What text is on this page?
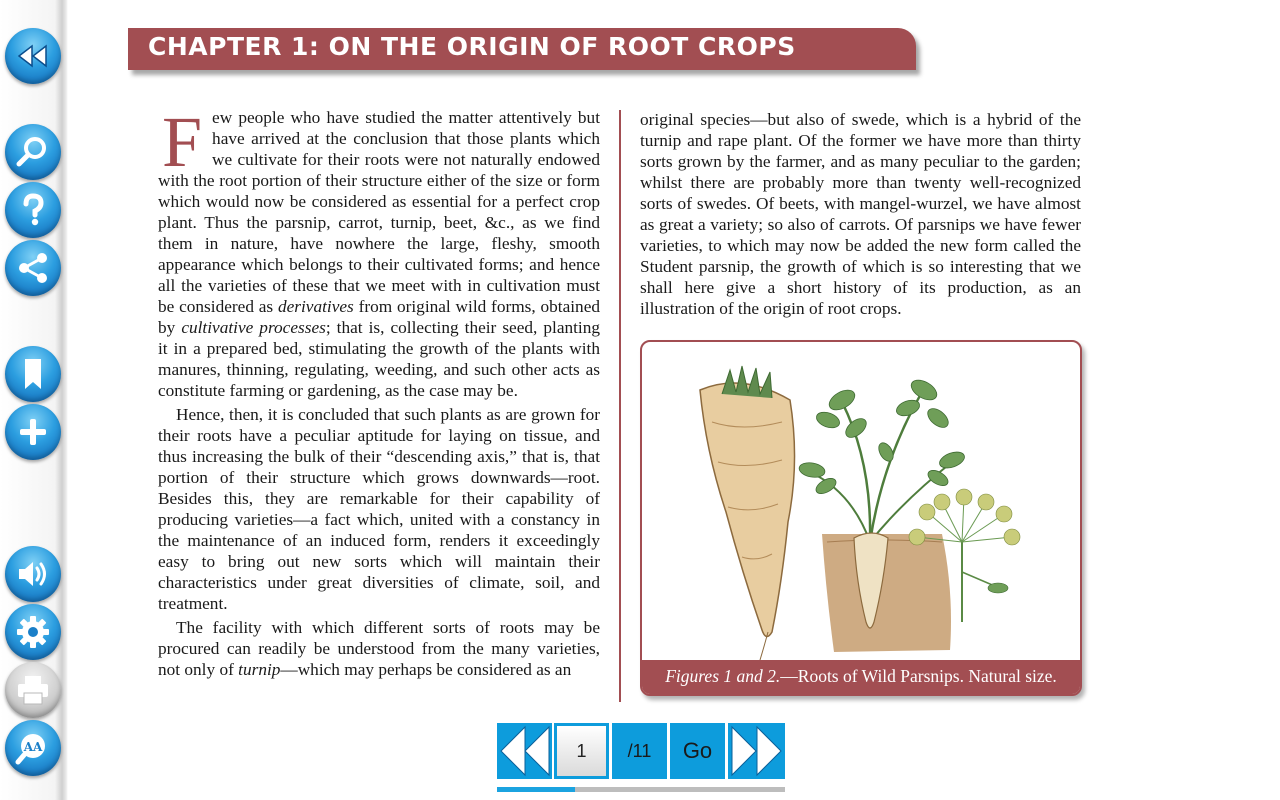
AA
CHAPTER 1: ON THE ORIGIN OF ROOT CROPS

Few people who have studied the matter attentively but have arrived at the conclusion that those plants which we cultivate for their roots were not naturally endowed with the root portion of their structure either of the size or form which would now be considered as essential for a perfect crop plant. Thus the parsnip, carrot, turnip, beet, &c., as we find them in nature, have nowhere the large, fleshy, smooth appearance which belongs to their cultivated forms; and hence all the varieties of these that we meet with in cultivation must be considered as derivatives from original wild forms, obtained by cultivative processes; that is, collecting their seed, planting it in a prepared bed, stimulating the growth of the plants with manures, thinning, regulating, weeding, and such other acts as constitute farming or gardening, as the case may be.

Hence, then, it is concluded that such plants as are grown for their roots have a peculiar aptitude for laying on tissue, and thus increasing the bulk of their “descending axis,” that is, that portion of their structure which grows downwards—root. Besides this, they are remarkable for their capability of producing varieties—a fact which, united with a constancy in the maintenance of an induced form, renders it exceedingly easy to bring out new sorts which will maintain their characteristics under great diversities of climate, soil, and treatment.

The facility with which different sorts of roots may be procured can readily be understood from the many varieties, not only of turnip—which may perhaps be considered as an

original species—but also of swede, which is a hybrid of the turnip and rape plant. Of the former we have more than thirty sorts grown by the farmer, and as many peculiar to the garden; whilst there are probably more than twenty well-recognized sorts of swedes. Of beets, with mangel-wurzel, we have almost as great a variety; so also of carrots. Of parsnips we have fewer varieties, to which may now be added the new form called the Student parsnip, the growth of which is so interesting that we shall here give a short history of its production, as an illustration of the origin of root crops.

Figures 1 and 2.—Roots of Wild Parsnips. Natural size.
1
/11	Go
